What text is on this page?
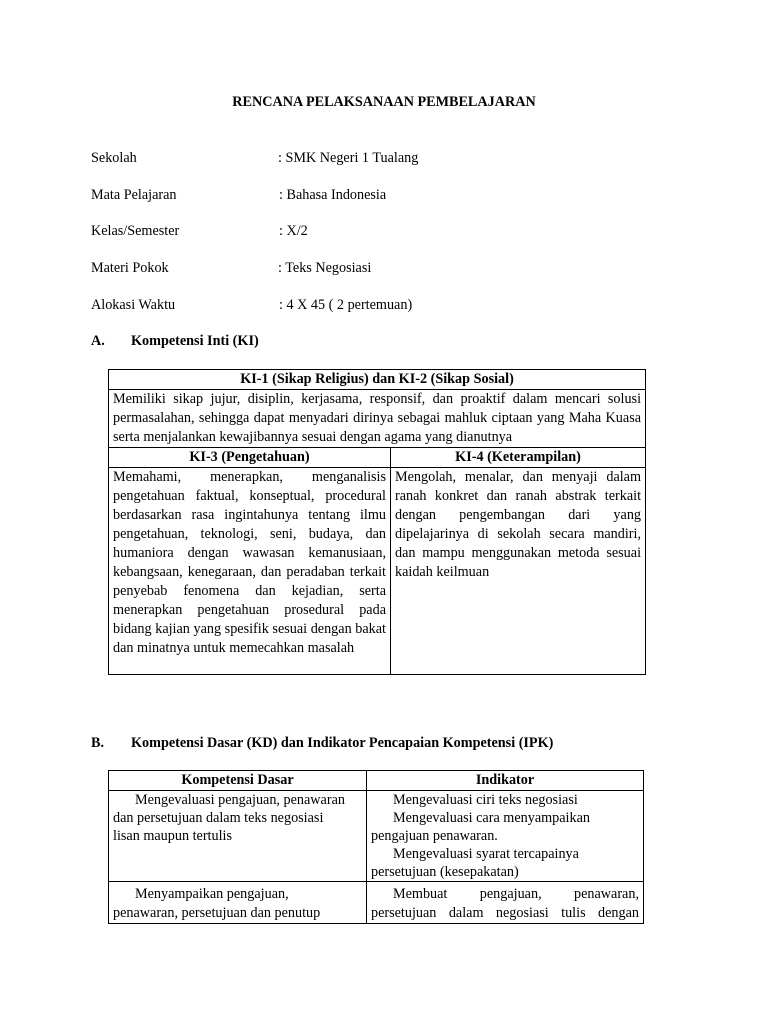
RENCANA PELAKSANAAN PEMBELAJARAN
Sekolah	: SMK Negeri 1 Tualang
Mata Pelajaran	: Bahasa Indonesia
Kelas/Semester	: X/2
Materi Pokok	: Teks Negosiasi
Alokasi Waktu	: 4 X 45 ( 2 pertemuan)
A. Kompetensi Inti (KI)
KI-1 (Sikap Religius) dan KI-2 (Sikap Sosial)	
Memiliki sikap jujur, disiplin, kerjasama, responsif, dan proaktif dalam mencari solusi permasalahan, sehingga dapat menyadari dirinya sebagai mahluk ciptaan yang Maha Kuasa serta menjalankan kewajibannya sesuai dengan agama yang dianutnya	
KI-3 (Pengetahuan)	KI-4 (Keterampilan)
Memahami, menerapkan, menganalisis pengetahuan faktual, konseptual, procedural berdasarkan rasa ingintahunya tentang ilmu pengetahuan, teknologi, seni, budaya, dan humaniora dengan wawasan kemanusiaan, kebangsaan, kenegaraan, dan peradaban terkait penyebab fenomena dan kejadian, serta menerapkan pengetahuan prosedural pada bidang kajian yang spesifik sesuai dengan bakat dan minatnya untuk memecahkan masalah	Mengolah, menalar, dan menyaji dalam ranah konkret dan ranah abstrak terkait dengan pengembangan dari yang dipelajarinya di sekolah secara mandiri, dan mampu menggunakan metoda sesuai kaidah keilmuan
B. Kompetensi Dasar (KD) dan Indikator Pencapaian Kompetensi (IPK)
Kompetensi Dasar	Indikator
Mengevaluasi pengajuan, penawaran dan persetujuan dalam teks negosiasi lisan maupun tertulis	Mengevaluasi ciri teks negosiasi
Mengevaluasi cara menyampaikan pengajuan penawaran.
Mengevaluasi syarat tercapainya persetujuan (kesepakatan)

Menyampaikan pengajuan, penawaran, persetujuan dan penutup	Membuat pengajuan, penawaran, persetujuan dalam negosiasi tulis dengan
